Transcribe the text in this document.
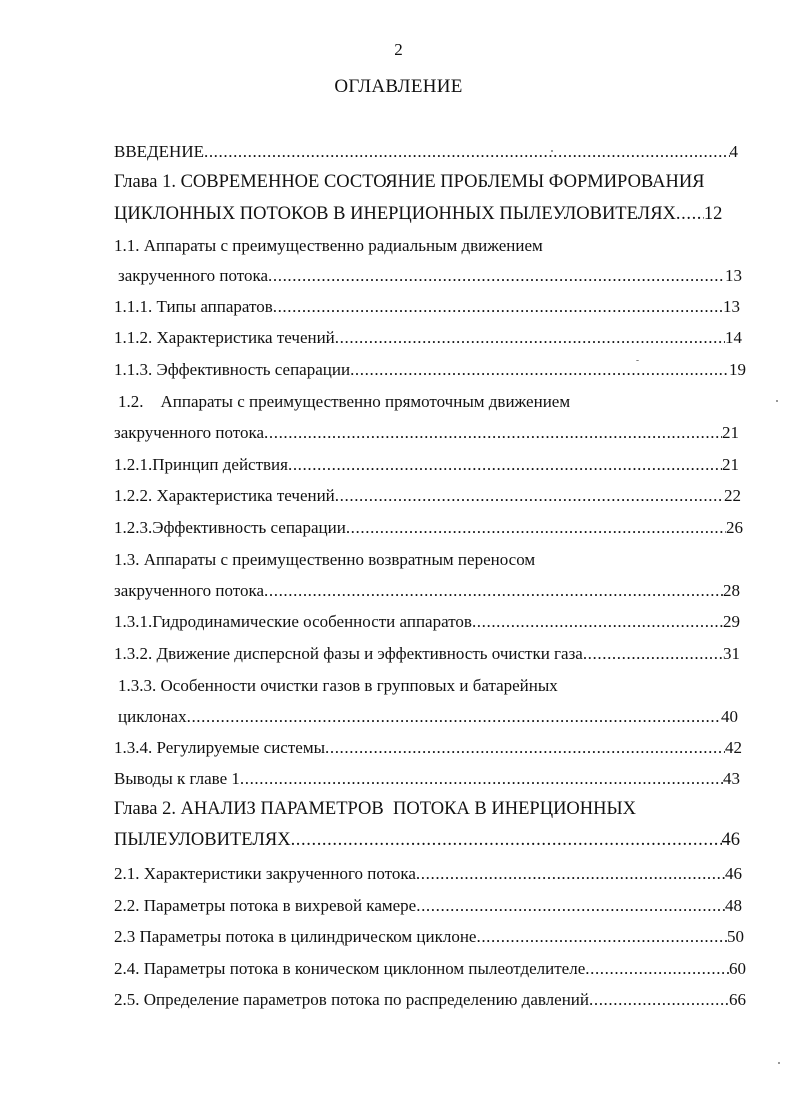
2
ОГЛАВЛЕНИЕ
ВВЕДЕНИЕ .....	4
Глава 1. СОВРЕМЕННОЕ СОСТОЯНИЕ ПРОБЛЕМЫ ФОРМИРОВАНИЯ
ЦИКЛОННЫХ ПОТОКОВ В ИНЕРЦИОННЫХ ПЫЛЕУЛОВИТЕЛЯХ ..... 12
1.1. Аппараты с преимущественно радиальным движением
закрученного потока .....	13
1.1.1. Типы аппаратов .....	13
1.1.2. Характеристика течений .....	14
1.1.3. Эффективность сепарации .....	19
1.2.    Аппараты с преимущественно прямоточным движением
закрученного потока .....	21
1.2.1.Принцип действия .....	21
1.2.2. Характеристика течений .....	22
1.2.3.Эффективность сепарации .....	26
1.3. Аппараты с преимущественно возвратным переносом
закрученного потока .....	28
1.3.1.Гидродинамические особенности аппаратов .....	29
1.3.2. Движение дисперсной фазы и эффективность очистки газа .....	31
1.3.3. Особенности очистки газов в групповых и батарейных
циклонах .....	40
1.3.4. Регулируемые системы .....	42
Выводы к главе 1 .....	43
Глава 2. АНАЛИЗ ПАРАМЕТРОВ  ПОТОКА В ИНЕРЦИОННЫХ
ПЫЛЕУЛОВИТЕЛЯХ .....	46
2.1. Характеристики закрученного потока .....	46
2.2. Параметры потока в вихревой камере .....	48
2.3 Параметры потока в цилиндрическом циклоне .....	50
2.4. Параметры потока в коническом циклонном пылеотделителе .....	60
2.5. Определение параметров потока по распределению давлений .....	66
